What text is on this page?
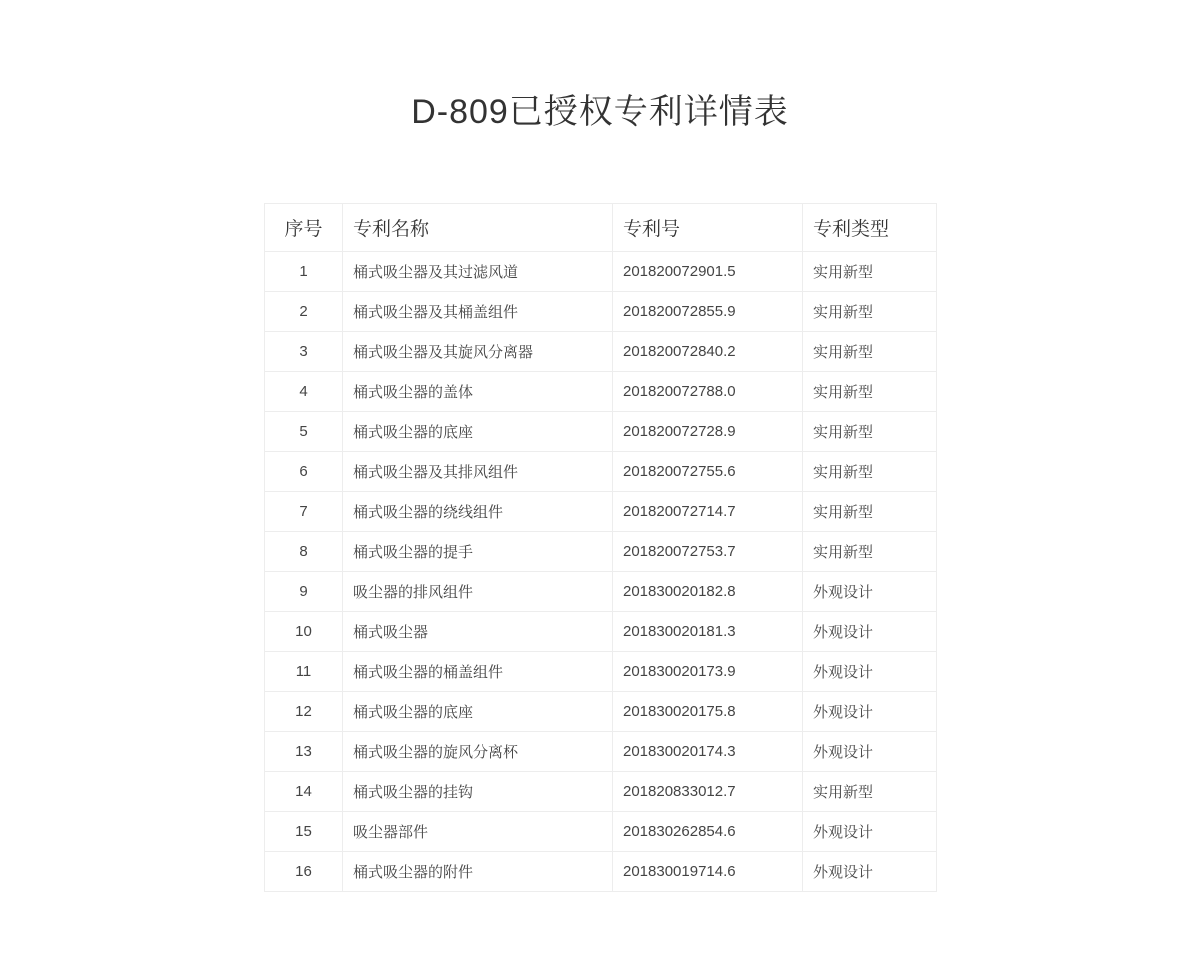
D-809已授权专利详情表
序号	专利名称	专利号	专利类型
1	桶式吸尘器及其过滤风道	201820072901.5	实用新型
2	桶式吸尘器及其桶盖组件	201820072855.9	实用新型
3	桶式吸尘器及其旋风分离器	201820072840.2	实用新型
4	桶式吸尘器的盖体	201820072788.0	实用新型
5	桶式吸尘器的底座	201820072728.9	实用新型
6	桶式吸尘器及其排风组件	201820072755.6	实用新型
7	桶式吸尘器的绕线组件	201820072714.7	实用新型
8	桶式吸尘器的提手	201820072753.7	实用新型
9	吸尘器的排风组件	201830020182.8	外观设计
10	桶式吸尘器	201830020181.3	外观设计
11	桶式吸尘器的桶盖组件	201830020173.9	外观设计
12	桶式吸尘器的底座	201830020175.8	外观设计
13	桶式吸尘器的旋风分离杯	201830020174.3	外观设计
14	桶式吸尘器的挂钩	201820833012.7	实用新型
15	吸尘器部件	201830262854.6	外观设计
16	桶式吸尘器的附件	201830019714.6	外观设计
